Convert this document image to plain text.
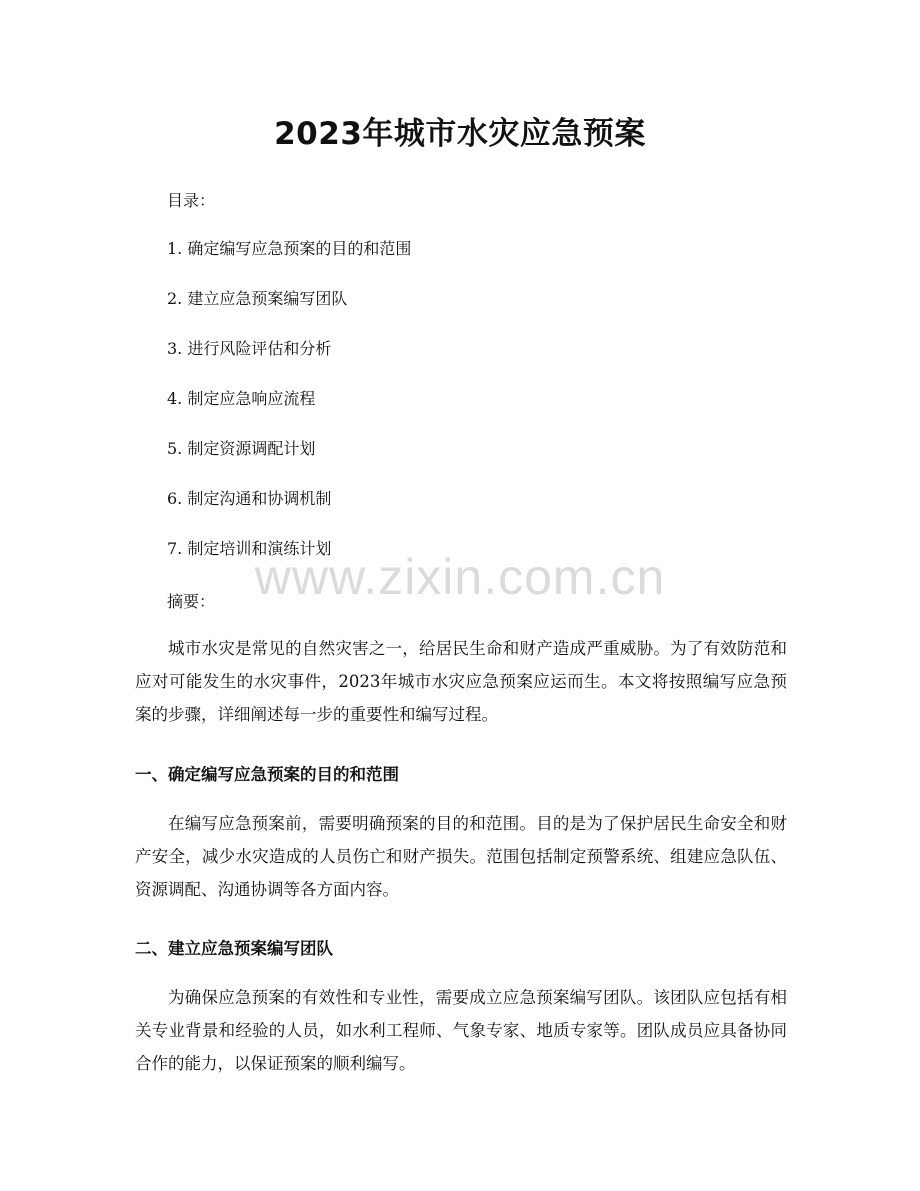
2023年城市水灾应急预案

目录：

1. 确定编写应急预案的目的和范围
2. 建立应急预案编写团队
3. 进行风险评估和分析
4. 制定应急响应流程
5. 制定资源调配计划
6. 制定沟通和协调机制
7. 制定培训和演练计划

摘要：

城市水灾是常见的自然灾害之一，给居民生命和财产造成严重威胁。为了有效防范和应对可能发生的水灾事件，2023年城市水灾应急预案应运而生。本文将按照编写应急预案的步骤，详细阐述每一步的重要性和编写过程。

一、确定编写应急预案的目的和范围

在编写应急预案前，需要明确预案的目的和范围。目的是为了保护居民生命安全和财产安全，减少水灾造成的人员伤亡和财产损失。范围包括制定预警系统、组建应急队伍、资源调配、沟通协调等各方面内容。

二、建立应急预案编写团队

为确保应急预案的有效性和专业性，需要成立应急预案编写团队。该团队应包括有相关专业背景和经验的人员，如水利工程师、气象专家、地质专家等。团队成员应具备协同合作的能力，以保证预案的顺利编写。

www.zixin.com.cn
